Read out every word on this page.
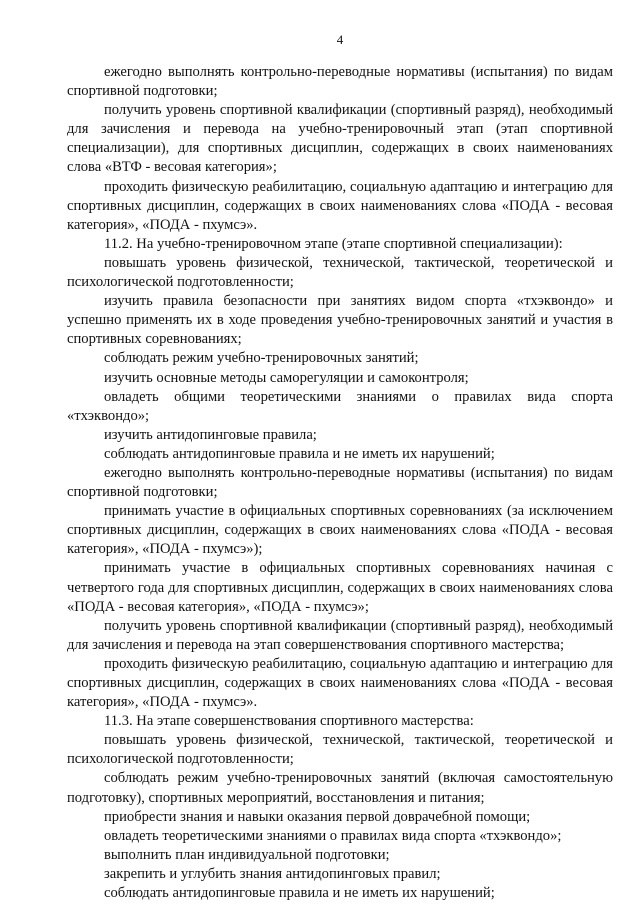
4

ежегодно выполнять контрольно-переводные нормативы (испытания) по видам спортивной подготовки;

получить уровень спортивной квалификации (спортивный разряд), необходимый для зачисления и перевода на учебно-тренировочный этап (этап спортивной специализации), для спортивных дисциплин, содержащих в своих наименованиях слова «ВТФ - весовая категория»;

проходить физическую реабилитацию, социальную адаптацию и интеграцию для спортивных дисциплин, содержащих в своих наименованиях слова «ПОДА - весовая категория», «ПОДА - пхумсэ».

11.2. На учебно-тренировочном этапе (этапе спортивной специализации):

повышать уровень физической, технической, тактической, теоретической и психологической подготовленности;

изучить правила безопасности при занятиях видом спорта «тхэквондо» и успешно применять их в ходе проведения учебно-тренировочных занятий и участия в спортивных соревнованиях;

соблюдать режим учебно-тренировочных занятий;

изучить основные методы саморегуляции и самоконтроля;

овладеть общими теоретическими знаниями о правилах вида спорта «тхэквондо»;

изучить антидопинговые правила;

соблюдать антидопинговые правила и не иметь их нарушений;

ежегодно выполнять контрольно-переводные нормативы (испытания) по видам спортивной подготовки;

принимать участие в официальных спортивных соревнованиях (за исключением спортивных дисциплин, содержащих в своих наименованиях слова «ПОДА - весовая категория», «ПОДА - пхумсэ»);

принимать участие в официальных спортивных соревнованиях начиная с четвертого года для спортивных дисциплин, содержащих в своих наименованиях слова «ПОДА - весовая категория», «ПОДА - пхумсэ»;

получить уровень спортивной квалификации (спортивный разряд), необходимый для зачисления и перевода на этап совершенствования спортивного мастерства;

проходить физическую реабилитацию, социальную адаптацию и интеграцию для спортивных дисциплин, содержащих в своих наименованиях слова «ПОДА - весовая категория», «ПОДА - пхумсэ».

11.3. На этапе совершенствования спортивного мастерства:

повышать уровень физической, технической, тактической, теоретической и психологической подготовленности;

соблюдать режим учебно-тренировочных занятий (включая самостоятельную подготовку), спортивных мероприятий, восстановления и питания;

приобрести знания и навыки оказания первой доврачебной помощи;

овладеть теоретическими знаниями о правилах вида спорта «тхэквондо»;

выполнить план индивидуальной подготовки;

закрепить и углубить знания антидопинговых правил;

соблюдать антидопинговые правила и не иметь их нарушений;
